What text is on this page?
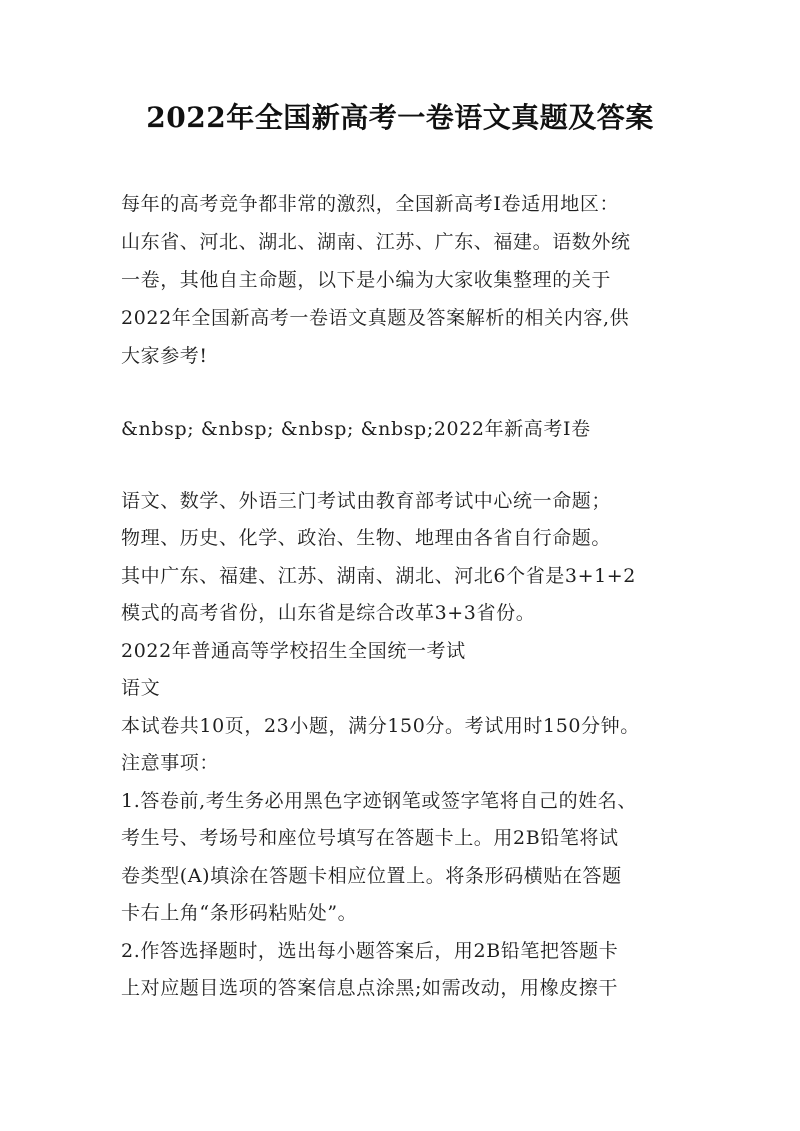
2022年全国新高考一卷语文真题及答案
每年的高考竞争都非常的激烈，全国新高考Ⅰ卷适用地区：
山东省、河北、湖北、湖南、江苏、广东、福建。语数外统
一卷，其他自主命题，以下是小编为大家收集整理的关于
2022年全国新高考一卷语文真题及答案解析的相关内容,供
大家参考!
&nbsp; &nbsp; &nbsp; &nbsp;2022年新高考Ⅰ卷
语文、数学、外语三门考试由教育部考试中心统一命题；
物理、历史、化学、政治、生物、地理由各省自行命题。
其中广东、福建、江苏、湖南、湖北、河北6个省是3+1+2
模式的高考省份，山东省是综合改革3+3省份。
2022年普通高等学校招生全国统一考试
语文
本试卷共10页，23小题，满分150分。考试用时150分钟。
注意事项：
1.答卷前,考生务必用黑色字迹钢笔或签字笔将自己的姓名、
考生号、考场号和座位号填写在答题卡上。用2B铅笔将试
卷类型(A)填涂在答题卡相应位置上。将条形码横贴在答题
卡右上角“条形码粘贴处”。
2.作答选择题时，选出每小题答案后，用2B铅笔把答题卡
上对应题目选项的答案信息点涂黑;如需改动，用橡皮擦干
